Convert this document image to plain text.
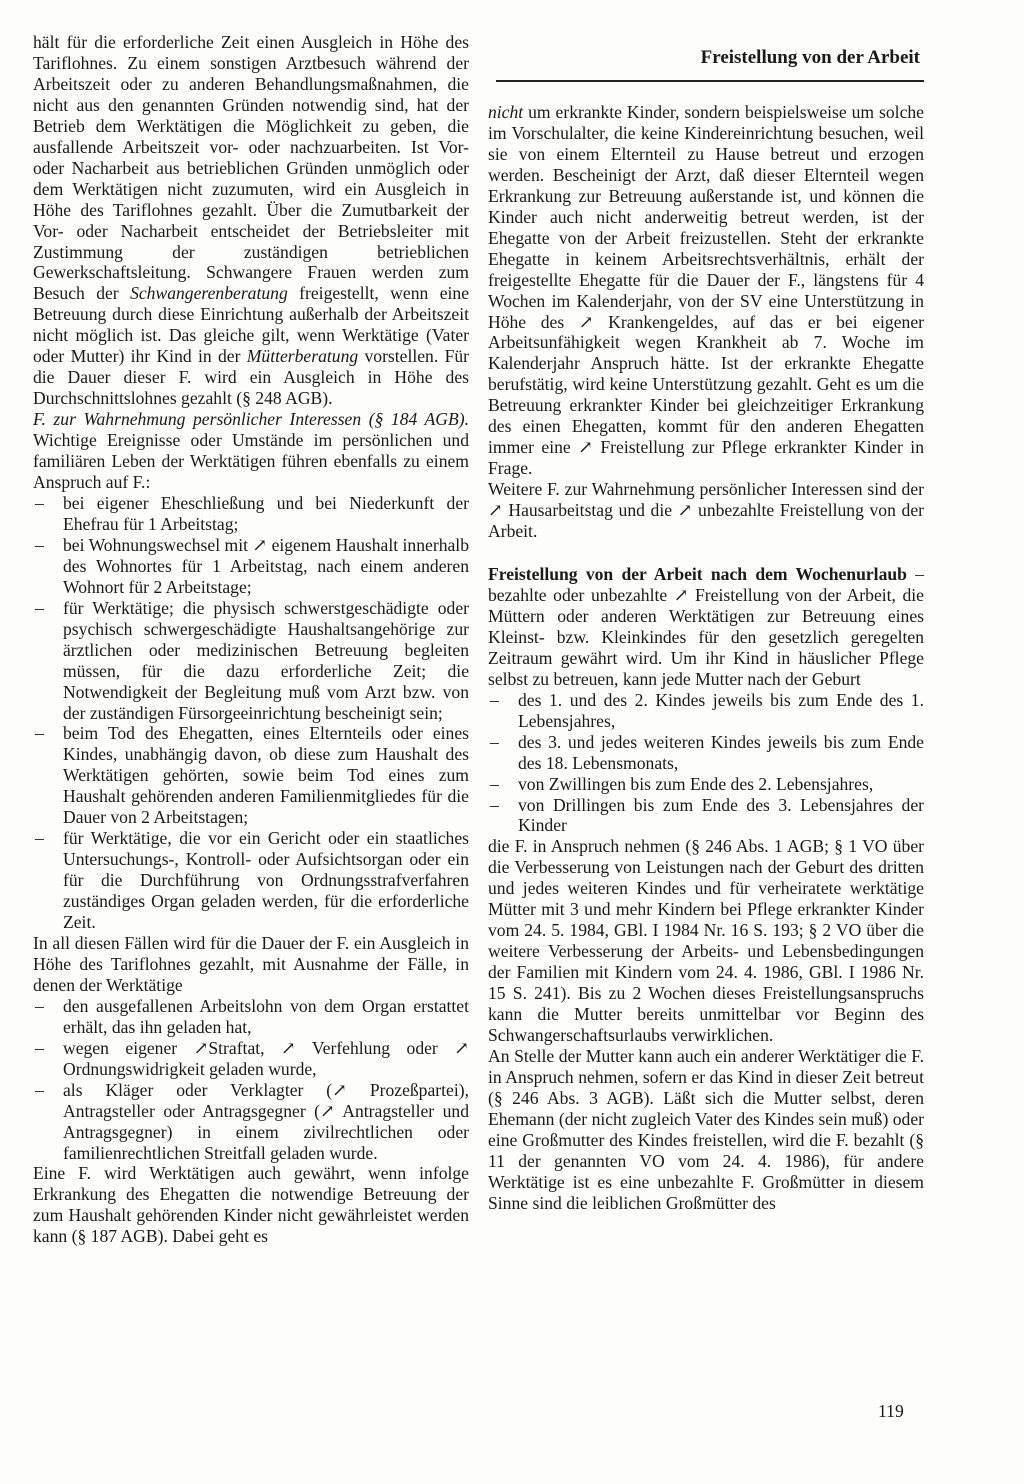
Freistellung von der Arbeit

hält für die erforderliche Zeit einen Ausgleich in Höhe des Tariflohnes. Zu einem sonstigen Arztbesuch während der Arbeitszeit oder zu anderen Behandlungsmaßnahmen, die nicht aus den genannten Gründen notwendig sind, hat der Betrieb dem Werktätigen die Möglichkeit zu geben, die ausfallende Arbeitszeit vor- oder nachzuarbeiten. Ist Vor- oder Nacharbeit aus betrieblichen Gründen unmöglich oder dem Werktätigen nicht zuzumuten, wird ein Ausgleich in Höhe des Tariflohnes gezahlt. Über die Zumutbarkeit der Vor- oder Nacharbeit entscheidet der Betriebsleiter mit Zustimmung der zuständigen betrieblichen Gewerkschaftsleitung. Schwangere Frauen werden zum Besuch der Schwangerenberatung freigestellt, wenn eine Betreuung durch diese Einrichtung außerhalb der Arbeitszeit nicht möglich ist. Das gleiche gilt, wenn Werktätige (Vater oder Mutter) ihr Kind in der Mütterberatung vorstellen. Für die Dauer dieser F. wird ein Ausgleich in Höhe des Durchschnittslohnes gezahlt (§ 248 AGB).

F. zur Wahrnehmung persönlicher Interessen (§ 184 AGB). Wichtige Ereignisse oder Umstände im persönlichen und familiären Leben der Werktätigen führen ebenfalls zu einem Anspruch auf F.:

– bei eigener Eheschließung und bei Niederkunft der Ehefrau für 1 Arbeitstag;
– bei Wohnungswechsel mit ↗ eigenem Haushalt innerhalb des Wohnortes für 1 Arbeitstag, nach einem anderen Wohnort für 2 Arbeitstage;
– für Werktätige; die physisch schwerstgeschädigte oder psychisch schwergeschädigte Haushaltsangehörige zur ärztlichen oder medizinischen Betreuung begleiten müssen, für die dazu erforderliche Zeit; die Notwendigkeit der Begleitung muß vom Arzt bzw. von der zuständigen Fürsorgeeinrichtung bescheinigt sein;
– beim Tod des Ehegatten, eines Elternteils oder eines Kindes, unabhängig davon, ob diese zum Haushalt des Werktätigen gehörten, sowie beim Tod eines zum Haushalt gehörenden anderen Familienmitgliedes für die Dauer von 2 Arbeitstagen;
– für Werktätige, die vor ein Gericht oder ein staatliches Untersuchungs-, Kontroll- oder Aufsichtsorgan oder ein für die Durchführung von Ordnungsstrafverfahren zuständiges Organ geladen werden, für die erforderliche Zeit.

In all diesen Fällen wird für die Dauer der F. ein Ausgleich in Höhe des Tariflohnes gezahlt, mit Ausnahme der Fälle, in denen der Werktätige

– den ausgefallenen Arbeitslohn von dem Organ erstattet erhält, das ihn geladen hat,
– wegen eigener ↗Straftat, ↗ Verfehlung oder ↗ Ordnungswidrigkeit geladen wurde,
– als Kläger oder Verklagter (↗ Prozeßpartei), Antragsteller oder Antragsgegner (↗ Antragsteller und Antragsgegner) in einem zivilrechtlichen oder familienrechtlichen Streitfall geladen wurde.

Eine F. wird Werktätigen auch gewährt, wenn infolge Erkrankung des Ehegatten die notwendige Betreuung der zum Haushalt gehörenden Kinder nicht gewährleistet werden kann (§ 187 AGB). Dabei geht es

nicht um erkrankte Kinder, sondern beispielsweise um solche im Vorschulalter, die keine Kindereinrichtung besuchen, weil sie von einem Elternteil zu Hause betreut und erzogen werden. Bescheinigt der Arzt, daß dieser Elternteil wegen Erkrankung zur Betreuung außerstande ist, und können die Kinder auch nicht anderweitig betreut werden, ist der Ehegatte von der Arbeit freizustellen. Steht der erkrankte Ehegatte in keinem Arbeitsrechtsverhältnis, erhält der freigestellte Ehegatte für die Dauer der F., längstens für 4 Wochen im Kalenderjahr, von der SV eine Unterstützung in Höhe des ↗ Krankengeldes, auf das er bei eigener Arbeitsunfähigkeit wegen Krankheit ab 7. Woche im Kalenderjahr Anspruch hätte. Ist der erkrankte Ehegatte berufstätig, wird keine Unterstützung gezahlt. Geht es um die Betreuung erkrankter Kinder bei gleichzeitiger Erkrankung des einen Ehegatten, kommt für den anderen Ehegatten immer eine ↗ Freistellung zur Pflege erkrankter Kinder in Frage.

Weitere F. zur Wahrnehmung persönlicher Interessen sind der ↗ Hausarbeitstag und die ↗ unbezahlte Freistellung von der Arbeit.

Freistellung von der Arbeit nach dem Wochenurlaub – bezahlte oder unbezahlte ↗ Freistellung von der Arbeit, die Müttern oder anderen Werktätigen zur Betreuung eines Kleinst- bzw. Kleinkindes für den gesetzlich geregelten Zeitraum gewährt wird. Um ihr Kind in häuslicher Pflege selbst zu betreuen, kann jede Mutter nach der Geburt

– des 1. und des 2. Kindes jeweils bis zum Ende des 1. Lebensjahres,
– des 3. und jedes weiteren Kindes jeweils bis zum Ende des 18. Lebensmonats,
– von Zwillingen bis zum Ende des 2. Lebensjahres,
– von Drillingen bis zum Ende des 3. Lebensjahres der Kinder

die F. in Anspruch nehmen (§ 246 Abs. 1 AGB; § 1 VO über die Verbesserung von Leistungen nach der Geburt des dritten und jedes weiteren Kindes und für verheiratete werktätige Mütter mit 3 und mehr Kindern bei Pflege erkrankter Kinder vom 24. 5. 1984, GBl. I 1984 Nr. 16 S. 193; § 2 VO über die weitere Verbesserung der Arbeits- und Lebensbedingungen der Familien mit Kindern vom 24. 4. 1986, GBl. I 1986 Nr. 15 S. 241). Bis zu 2 Wochen dieses Freistellungsanspruchs kann die Mutter bereits unmittelbar vor Beginn des Schwangerschaftsurlaubs verwirklichen.

An Stelle der Mutter kann auch ein anderer Werktätiger die F. in Anspruch nehmen, sofern er das Kind in dieser Zeit betreut (§ 246 Abs. 3 AGB). Läßt sich die Mutter selbst, deren Ehemann (der nicht zugleich Vater des Kindes sein muß) oder eine Großmutter des Kindes freistellen, wird die F. bezahlt (§ 11 der genannten VO vom 24. 4. 1986), für andere Werktätige ist es eine unbezahlte F. Großmütter in diesem Sinne sind die leiblichen Großmütter des

119
